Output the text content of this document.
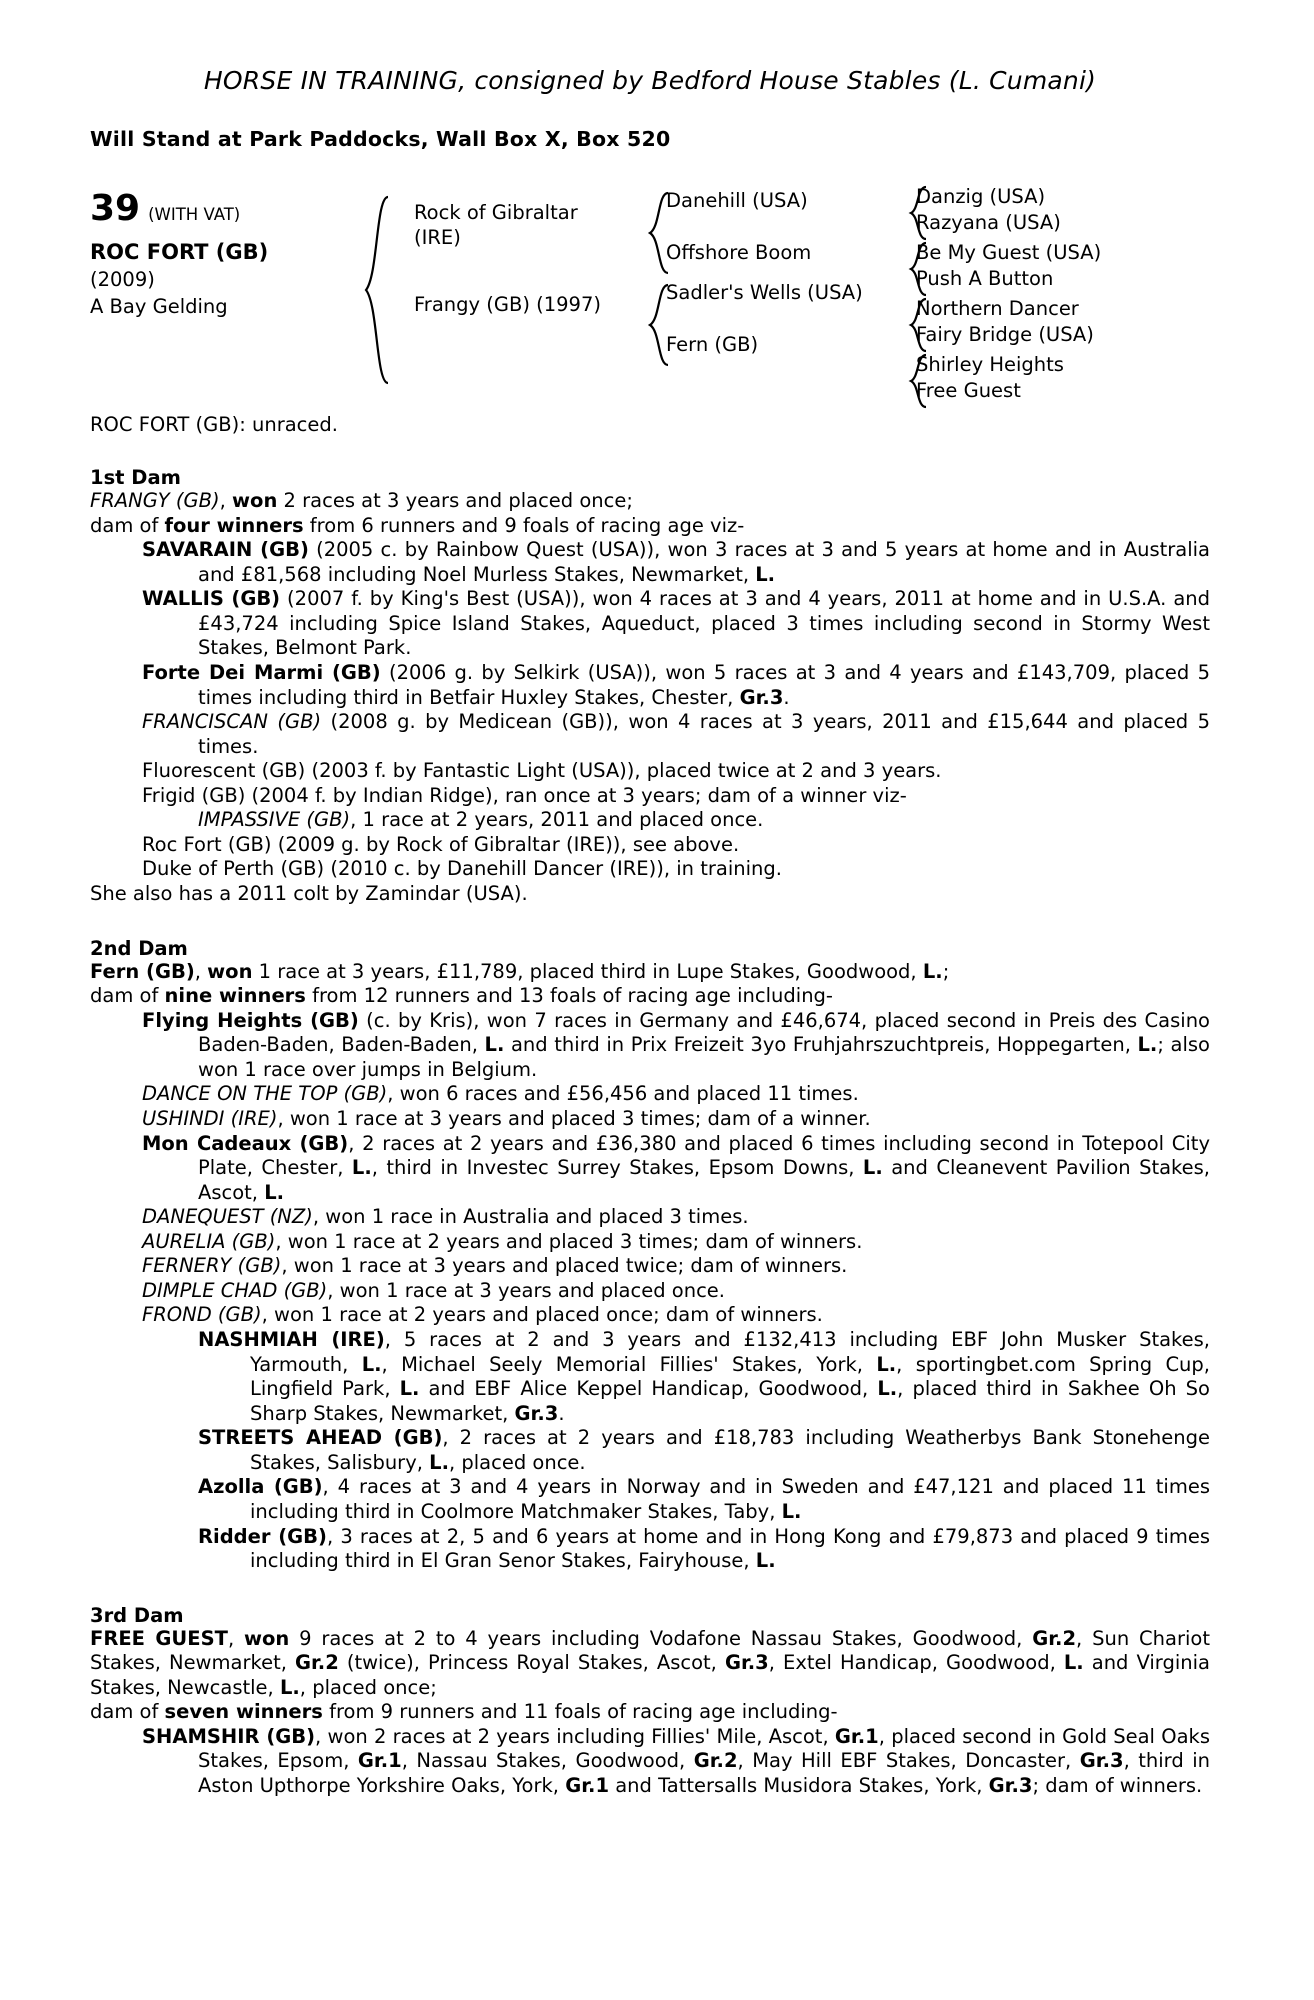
HORSE IN TRAINING, consigned by Bedford House Stables (L. Cumani)
Will Stand at Park Paddocks, Wall Box X, Box 520
39 (WITH VAT)
ROC FORT (GB)
(2009)
A Bay Gelding
Rock of Gibraltar (IRE)
Frangy (GB) (1997)
Danehill (USA)
Offshore Boom
Sadler's Wells (USA)
Fern (GB)
Danzig (USA)
Razyana (USA)
Be My Guest (USA)
Push A Button
Northern Dancer
Fairy Bridge (USA)
Shirley Heights
Free Guest
ROC FORT (GB): unraced.
1st Dam

FRANGY (GB), won 2 races at 3 years and placed once;

dam of four winners from 6 runners and 9 foals of racing age viz-

SAVARAIN (GB) (2005 c. by Rainbow Quest (USA)), won 3 races at 3 and 5 years at home and in Australia and £81,568 including Noel Murless Stakes, Newmarket, L.

WALLIS (GB) (2007 f. by King's Best (USA)), won 4 races at 3 and 4 years, 2011 at home and in U.S.A. and £43,724 including Spice Island Stakes, Aqueduct, placed 3 times including second in Stormy West Stakes, Belmont Park.

Forte Dei Marmi (GB) (2006 g. by Selkirk (USA)), won 5 races at 3 and 4 years and £143,709, placed 5 times including third in Betfair Huxley Stakes, Chester, Gr.3.

FRANCISCAN (GB) (2008 g. by Medicean (GB)), won 4 races at 3 years, 2011 and £15,644 and placed 5 times.

Fluorescent (GB) (2003 f. by Fantastic Light (USA)), placed twice at 2 and 3 years.

Frigid (GB) (2004 f. by Indian Ridge), ran once at 3 years; dam of a winner viz-

IMPASSIVE (GB), 1 race at 2 years, 2011 and placed once.

Roc Fort (GB) (2009 g. by Rock of Gibraltar (IRE)), see above.

Duke of Perth (GB) (2010 c. by Danehill Dancer (IRE)), in training.

She also has a 2011 colt by Zamindar (USA).

2nd Dam

Fern (GB), won 1 race at 3 years, £11,789, placed third in Lupe Stakes, Goodwood, L.;

dam of nine winners from 12 runners and 13 foals of racing age including-

Flying Heights (GB) (c. by Kris), won 7 races in Germany and £46,674, placed second in Preis des Casino Baden-Baden, Baden-Baden, L. and third in Prix Freizeit 3yo Fruhjahrszuchtpreis, Hoppegarten, L.; also won 1 race over jumps in Belgium.

DANCE ON THE TOP (GB), won 6 races and £56,456 and placed 11 times.

USHINDI (IRE), won 1 race at 3 years and placed 3 times; dam of a winner.

Mon Cadeaux (GB), 2 races at 2 years and £36,380 and placed 6 times including second in Totepool City Plate, Chester, L., third in Investec Surrey Stakes, Epsom Downs, L. and Cleanevent Pavilion Stakes, Ascot, L.

DANEQUEST (NZ), won 1 race in Australia and placed 3 times.

AURELIA (GB), won 1 race at 2 years and placed 3 times; dam of winners.

FERNERY (GB), won 1 race at 3 years and placed twice; dam of winners.

DIMPLE CHAD (GB), won 1 race at 3 years and placed once.

FROND (GB), won 1 race at 2 years and placed once; dam of winners.

NASHMIAH (IRE), 5 races at 2 and 3 years and £132,413 including EBF John Musker Stakes, Yarmouth, L., Michael Seely Memorial Fillies' Stakes, York, L., sportingbet.com Spring Cup, Lingfield Park, L. and EBF Alice Keppel Handicap, Goodwood, L., placed third in Sakhee Oh So Sharp Stakes, Newmarket, Gr.3.

STREETS AHEAD (GB), 2 races at 2 years and £18,783 including Weatherbys Bank Stonehenge Stakes, Salisbury, L., placed once.

Azolla (GB), 4 races at 3 and 4 years in Norway and in Sweden and £47,121 and placed 11 times including third in Coolmore Matchmaker Stakes, Taby, L.

Ridder (GB), 3 races at 2, 5 and 6 years at home and in Hong Kong and £79,873 and placed 9 times including third in El Gran Senor Stakes, Fairyhouse, L.

3rd Dam

FREE GUEST, won 9 races at 2 to 4 years including Vodafone Nassau Stakes, Goodwood, Gr.2, Sun Chariot Stakes, Newmarket, Gr.2 (twice), Princess Royal Stakes, Ascot, Gr.3, Extel Handicap, Goodwood, L. and Virginia Stakes, Newcastle, L., placed once;

dam of seven winners from 9 runners and 11 foals of racing age including-

SHAMSHIR (GB), won 2 races at 2 years including Fillies' Mile, Ascot, Gr.1, placed second in Gold Seal Oaks Stakes, Epsom, Gr.1, Nassau Stakes, Goodwood, Gr.2, May Hill EBF Stakes, Doncaster, Gr.3, third in Aston Upthorpe Yorkshire Oaks, York, Gr.1 and Tattersalls Musidora Stakes, York, Gr.3; dam of winners.
